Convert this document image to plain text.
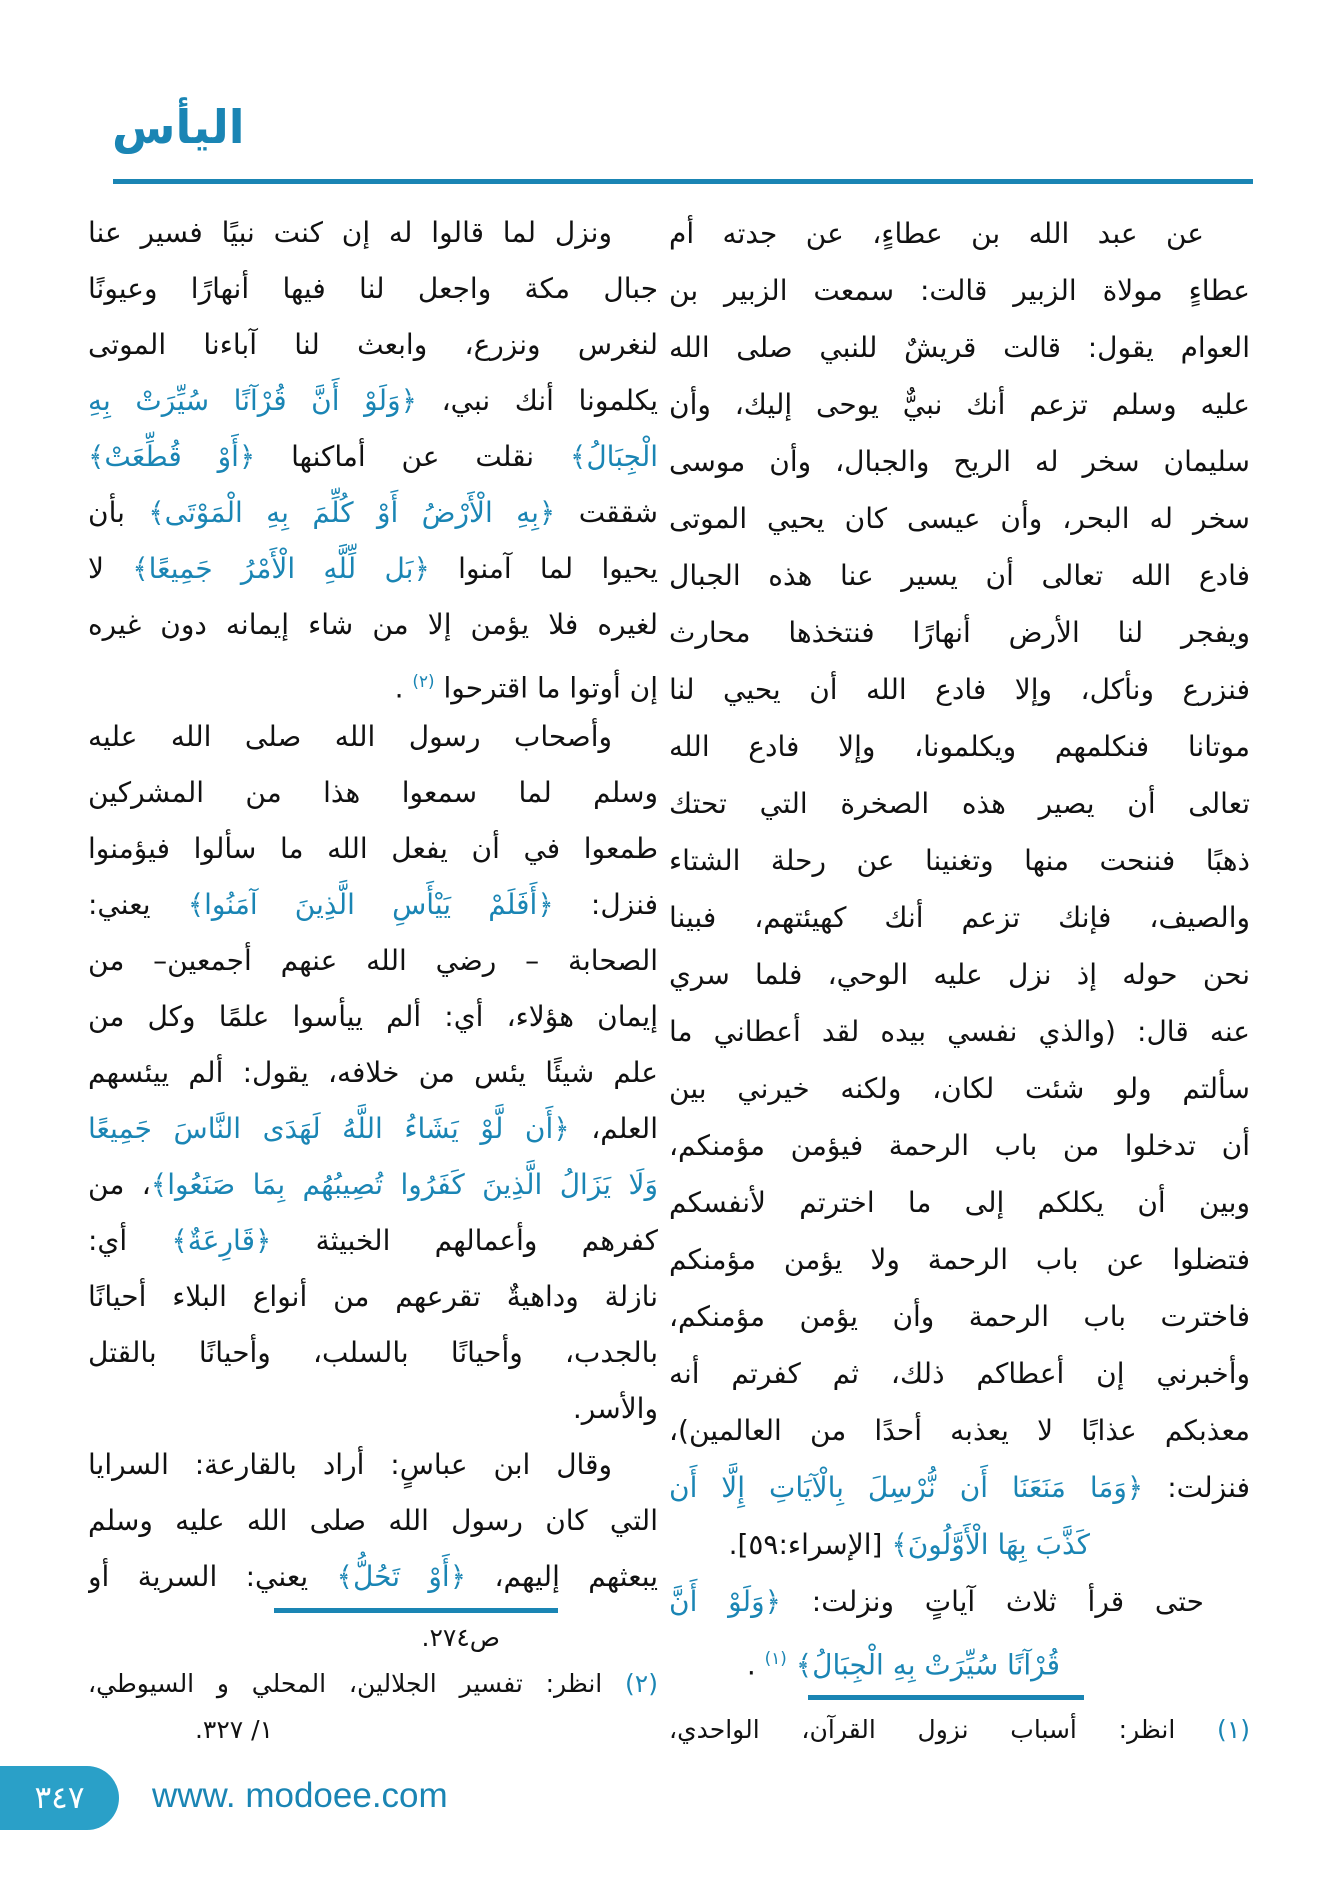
اليأس
عن عبد الله بن عطاءٍ، عن جدته أم
عطاءٍ مولاة الزبير قالت: سمعت الزبير بن
العوام يقول: قالت قريشٌ للنبي صلى الله
عليه وسلم تزعم أنك نبيٌّ يوحى إليك، وأن
سليمان سخر له الريح والجبال، وأن موسى
سخر له البحر، وأن عيسى كان يحيي الموتى
فادع الله تعالى أن يسير عنا هذه الجبال
ويفجر لنا الأرض أنهارًا فنتخذها محارث
فنزرع ونأكل، وإلا فادع الله أن يحيي لنا
موتانا فنكلمهم ويكلمونا، وإلا فادع الله
تعالى أن يصير هذه الصخرة التي تحتك
ذهبًا فننحت منها وتغنينا عن رحلة الشتاء
والصيف، فإنك تزعم أنك كهيئتهم، فبينا
نحن حوله إذ نزل عليه الوحي، فلما سري
عنه قال: (والذي نفسي بيده لقد أعطاني ما
سألتم ولو شئت لكان، ولكنه خيرني بين
أن تدخلوا من باب الرحمة فيؤمن مؤمنكم،
وبين أن يكلكم إلى ما اخترتم لأنفسكم
فتضلوا عن باب الرحمة ولا يؤمن مؤمنكم
فاخترت باب الرحمة وأن يؤمن مؤمنكم،
وأخبرني إن أعطاكم ذلك، ثم كفرتم أنه
معذبكم عذابًا لا يعذبه أحدًا من العالمين)،
فنزلت: ﴿وَمَا مَنَعَنَا أَن نُّرْسِلَ بِالْآيَاتِ إِلَّا أَن
كَذَّبَ بِهَا الْأَوَّلُونَ﴾ [الإسراء:٥٩].
حتى قرأ ثلاث آياتٍ ونزلت: ﴿وَلَوْ أَنَّ
قُرْآنًا سُيِّرَتْ بِهِ الْجِبَالُ﴾ $^{(١)}$ .
(١) انظر: أسباب نزول القرآن، الواحدي،
ونزل لما قالوا له إن كنت نبيًا فسير عنا
جبال مكة واجعل لنا فيها أنهارًا وعيونًا
لنغرس ونزرع، وابعث لنا آباءنا الموتى
يكلمونا أنك نبي، ﴿وَلَوْ أَنَّ قُرْآنًا سُيِّرَتْ بِهِ
الْجِبَالُ﴾ نقلت عن أماكنها ﴿أَوْ قُطِّعَتْ﴾
شققت ﴿بِهِ الْأَرْضُ أَوْ كُلِّمَ بِهِ الْمَوْتَى﴾ بأن
يحيوا لما آمنوا ﴿بَل لِّلَّهِ الْأَمْرُ جَمِيعًا﴾ لا
لغيره فلا يؤمن إلا من شاء إيمانه دون غيره
إن أوتوا ما اقترحوا $^{(٢)}$ .
وأصحاب رسول الله صلى الله عليه
وسلم لما سمعوا هذا من المشركين
طمعوا في أن يفعل الله ما سألوا فيؤمنوا
فنزل: ﴿أَفَلَمْ يَيْأَسِ الَّذِينَ آمَنُوا﴾ يعني:
الصحابة – رضي الله عنهم أجمعين– من
إيمان هؤلاء، أي: ألم ييأسوا علمًا وكل من
علم شيئًا يئس من خلافه، يقول: ألم ييئسهم
العلم، ﴿أَن لَّوْ يَشَاءُ اللَّهُ لَهَدَى النَّاسَ جَمِيعًا
وَلَا يَزَالُ الَّذِينَ كَفَرُوا تُصِيبُهُم بِمَا صَنَعُوا﴾، من
كفرهم وأعمالهم الخبيثة ﴿قَارِعَةٌ﴾ أي:
نازلة وداهيةٌ تقرعهم من أنواع البلاء أحيانًا
بالجدب، وأحيانًا بالسلب، وأحيانًا بالقتل
والأسر.
وقال ابن عباسٍ: أراد بالقارعة: السرايا
التي كان رسول الله صلى الله عليه وسلم
يبعثهم إليهم، ﴿أَوْ تَحُلُّ﴾ يعني: السرية أو
ص٢٧٤.
(٢) انظر: تفسير الجلالين، المحلي و السيوطي،
١/ ٣٢٧.
٣٤٧ www. modoee.com
